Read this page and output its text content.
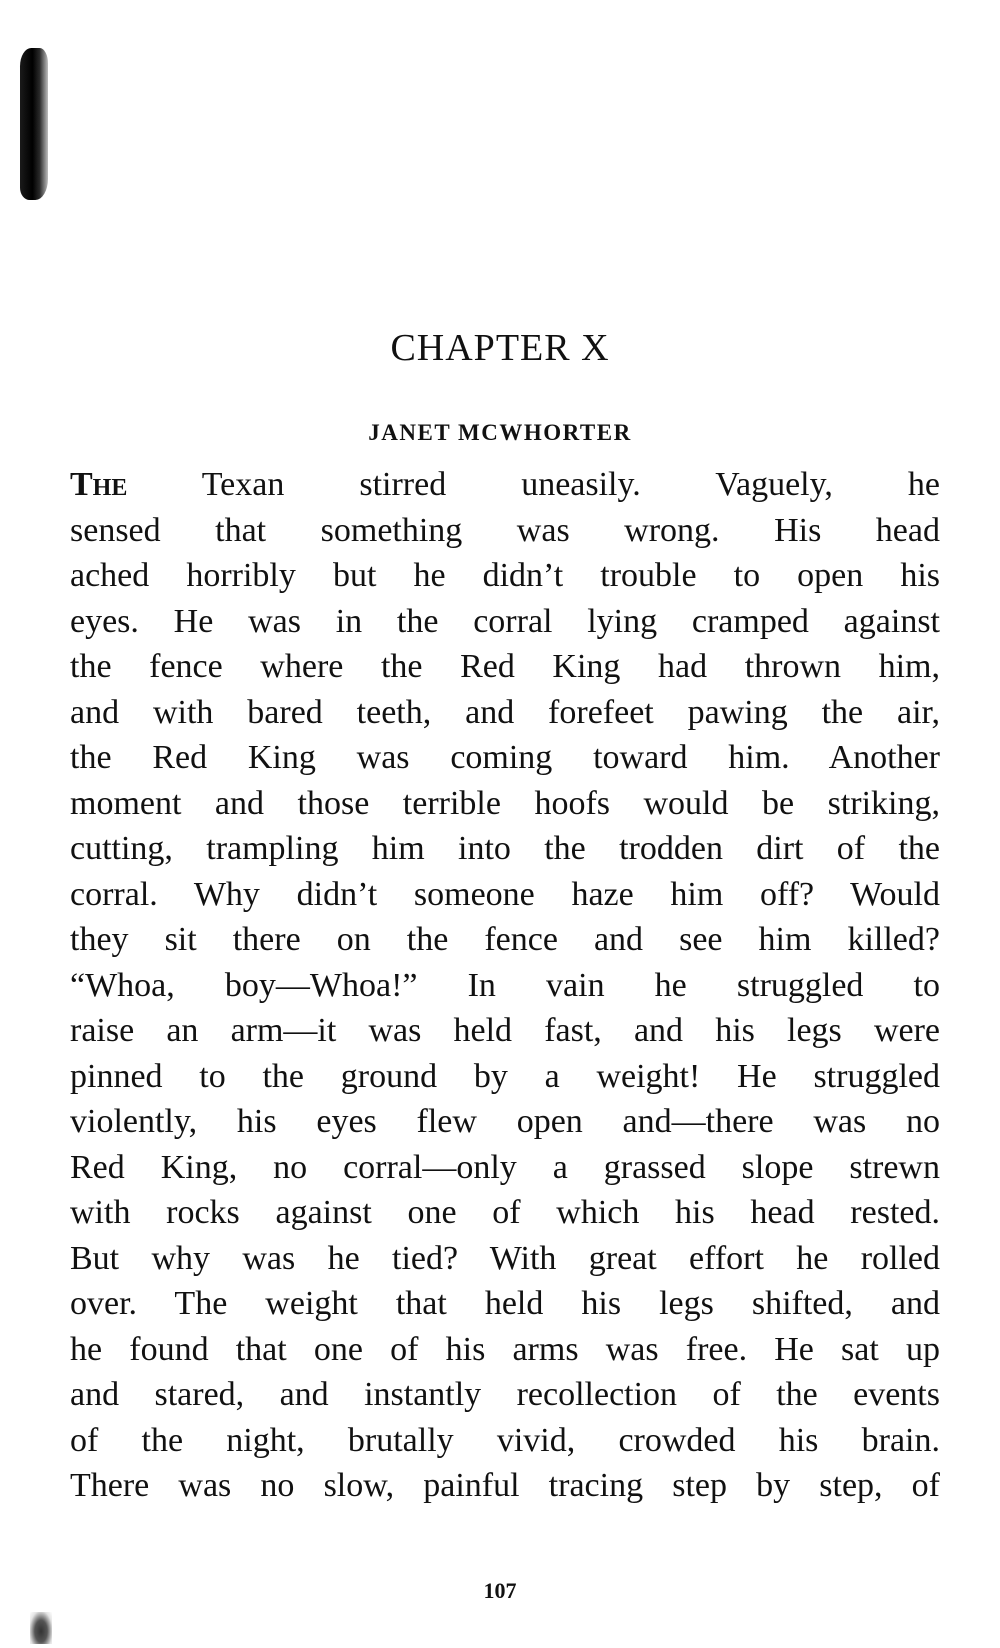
CHAPTER X
JANET MCWHORTER
The Texan stirred uneasily. Vaguely, he
sensed that something was wrong. His head
ached horribly but he didn’t trouble to open his
eyes. He was in the corral lying cramped against
the fence where the Red King had thrown him,
and with bared teeth, and forefeet pawing the air,
the Red King was coming toward him. Another
moment and those terrible hoofs would be striking,
cutting, trampling him into the trodden dirt of the
corral. Why didn’t someone haze him off? Would
they sit there on the fence and see him killed?
“Whoa, boy—Whoa!” In vain he struggled to
raise an arm—it was held fast, and his legs were
pinned to the ground by a weight! He struggled
violently, his eyes flew open and—there was no
Red King, no corral—only a grassed slope strewn
with rocks against one of which his head rested.
But why was he tied? With great effort he rolled
over. The weight that held his legs shifted, and
he found that one of his arms was free. He sat up
and stared, and instantly recollection of the events
of the night, brutally vivid, crowded his brain.
There was no slow, painful tracing step by step, of
107
